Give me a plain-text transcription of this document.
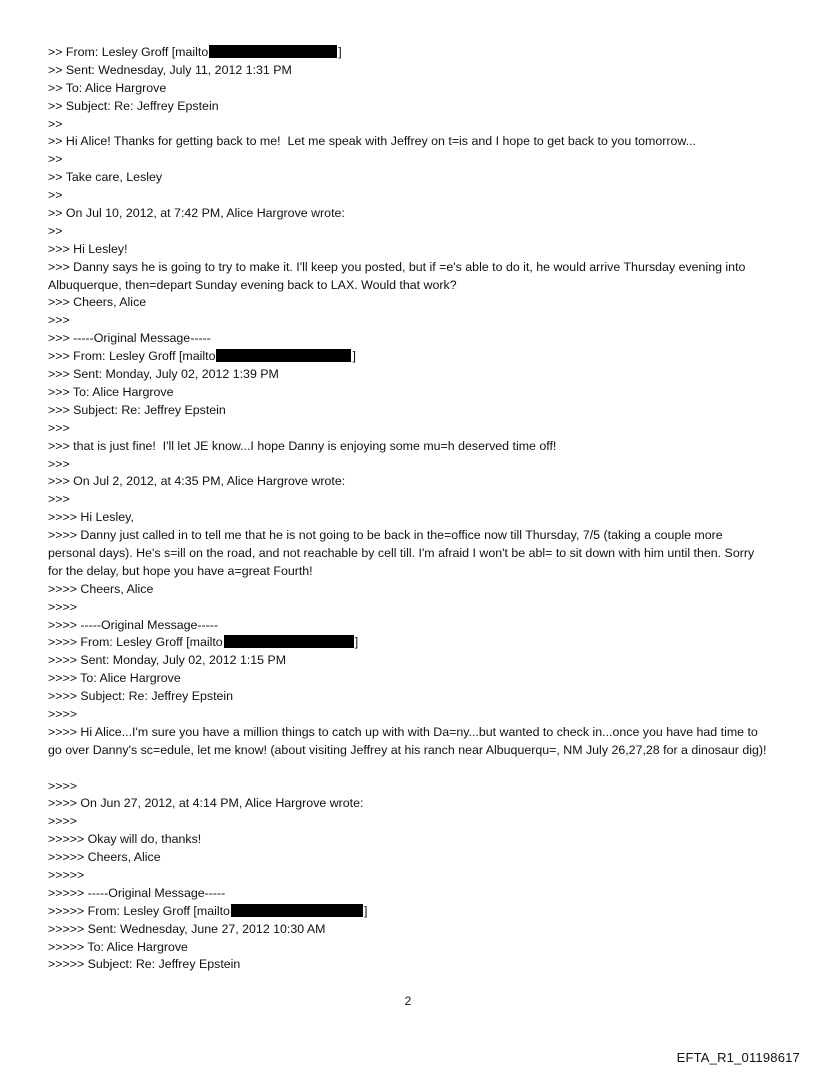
>> From: Lesley Groff [mailto	]
>> Sent: Wednesday, July 11, 2012 1:31 PM
>> To: Alice Hargrove
>> Subject: Re: Jeffrey Epstein
>>
>> Hi Alice! Thanks for getting back to me!  Let me speak with Jeffrey on t=is and I hope to get back to you tomorrow...
>>
>> Take care, Lesley
>>
>> On Jul 10, 2012, at 7:42 PM, Alice Hargrove wrote:
>>
>>> Hi Lesley!
>>> Danny says he is going to try to make it. I'll keep you posted, but if =e's able to do it, he would arrive Thursday evening into Albuquerque, then=depart Sunday evening back to LAX. Would that work?
>>> Cheers, Alice
>>>
>>> -----Original Message-----
>>> From: Lesley Groff [mailto	]
>>> Sent: Monday, July 02, 2012 1:39 PM
>>> To: Alice Hargrove
>>> Subject: Re: Jeffrey Epstein
>>>
>>> that is just fine!  I'll let JE know...I hope Danny is enjoying some mu=h deserved time off!
>>>
>>> On Jul 2, 2012, at 4:35 PM, Alice Hargrove wrote:
>>>
>>>> Hi Lesley,
>>>> Danny just called in to tell me that he is not going to be back in the=office now till Thursday, 7/5 (taking a couple more personal days). He's s=ill on the road, and not reachable by cell till. I'm afraid I won't be abl= to sit down with him until then. Sorry for the delay, but hope you have a=great Fourth!
>>>> Cheers, Alice
>>>>
>>>> -----Original Message-----
>>>> From: Lesley Groff [mailto	]
>>>> Sent: Monday, July 02, 2012 1:15 PM
>>>> To: Alice Hargrove
>>>> Subject: Re: Jeffrey Epstein
>>>>
>>>> Hi Alice...I'm sure you have a million things to catch up with with Da=ny...but wanted to check in...once you have had time to go over Danny's sc=edule, let me know! (about visiting Jeffrey at his ranch near Albuquerqu=, NM July 26,27,28 for a dinosaur dig)!
>>>>
>>>> On Jun 27, 2012, at 4:14 PM, Alice Hargrove wrote:
>>>>
>>>>> Okay will do, thanks!
>>>>> Cheers, Alice
>>>>>
>>>>> -----Original Message-----
>>>>> From: Lesley Groff [mailto	]
>>>>> Sent: Wednesday, June 27, 2012 10:30 AM
>>>>> To: Alice Hargrove
>>>>> Subject: Re: Jeffrey Epstein
2
EFTA_R1_01198617
